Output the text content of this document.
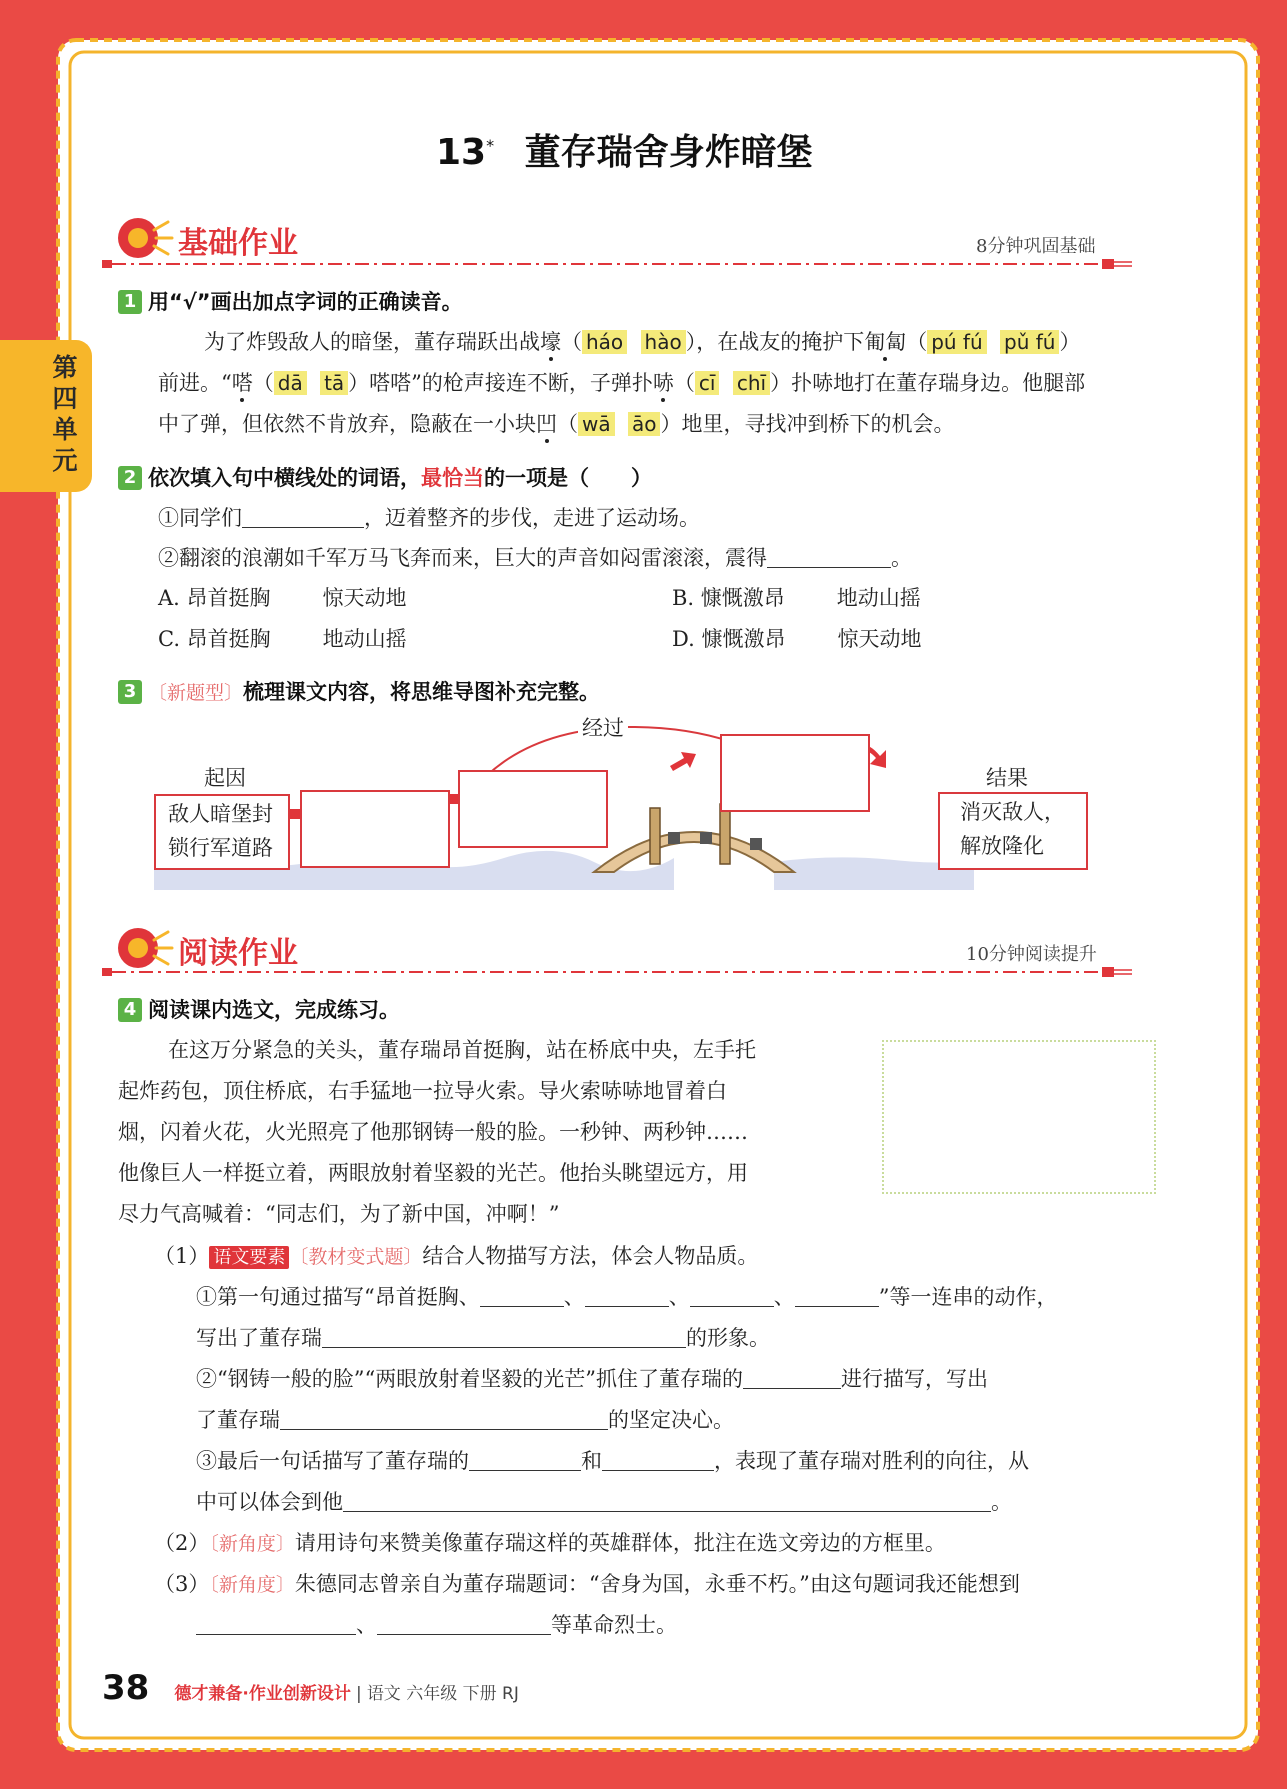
第四单元
13* 董存瑞舍身炸暗堡
基础作业	8分钟巩固基础
1 用“√”画出加点字词的正确读音。
为了炸毁敌人的暗堡，董存瑞跃出战壕（ háo hào ），在战友的掩护下匍匐（ pú fú pǔ fú ）
前进。“嗒（ dā tā ）嗒嗒”的枪声接连不断，子弹扑哧（ cī chī ）扑哧地打在董存瑞身边。他腿部
中了弹，但依然不肯放弃，隐蔽在一小块凹（ wā āo ）地里，寻找冲到桥下的机会。
2 依次填入句中横线处的词语，最恰当的一项是（　　）
①同学们	，迈着整齐的步伐，走进了运动场。
②翻滚的浪潮如千军万马飞奔而来，巨大的声音如闷雷滚滚，震得	。
A. 昂首挺胸 惊天动地	B. 慷慨激昂 地动山摇
C. 昂首挺胸 地动山摇	D. 慷慨激昂 惊天动地
3 〔新题型〕梳理课文内容，将思维导图补充完整。
起因
敌人暗堡封
锁行军道路
经过
结果
消灭敌人，
解放隆化
阅读作业	10分钟阅读提升
4 阅读课内选文，完成练习。
在这万分紧急的关头，董存瑞昂首挺胸，站在桥底中央，左手托
起炸药包，顶住桥底，右手猛地一拉导火索。导火索哧哧地冒着白
烟，闪着火花，火光照亮了他那钢铸一般的脸。一秒钟、两秒钟……
他像巨人一样挺立着，两眼放射着坚毅的光芒。他抬头眺望远方，用
尽力气高喊着：“同志们，为了新中国，冲啊！”
（1） 语文要素 〔教材变式题〕结合人物描写方法，体会人物品质。
①第一句通过描写“昂首挺胸、	、	、	、	”等一连串的动作，
写出了董存瑞	的形象。
②“钢铸一般的脸”“两眼放射着坚毅的光芒”抓住了董存瑞的	进行描写，写出
了董存瑞	的坚定决心。
③最后一句话描写了董存瑞的	和	，表现了董存瑞对胜利的向往，从
中可以体会到他	。
（2）〔新角度〕请用诗句来赞美像董存瑞这样的英雄群体，批注在选文旁边的方框里。
（3）〔新角度〕朱德同志曾亲自为董存瑞题词：“舍身为国，永垂不朽。”由这句题词我还能想到
、	等革命烈士。
38 德才兼备·作业创新设计 | 语文 六年级 下册 RJ
